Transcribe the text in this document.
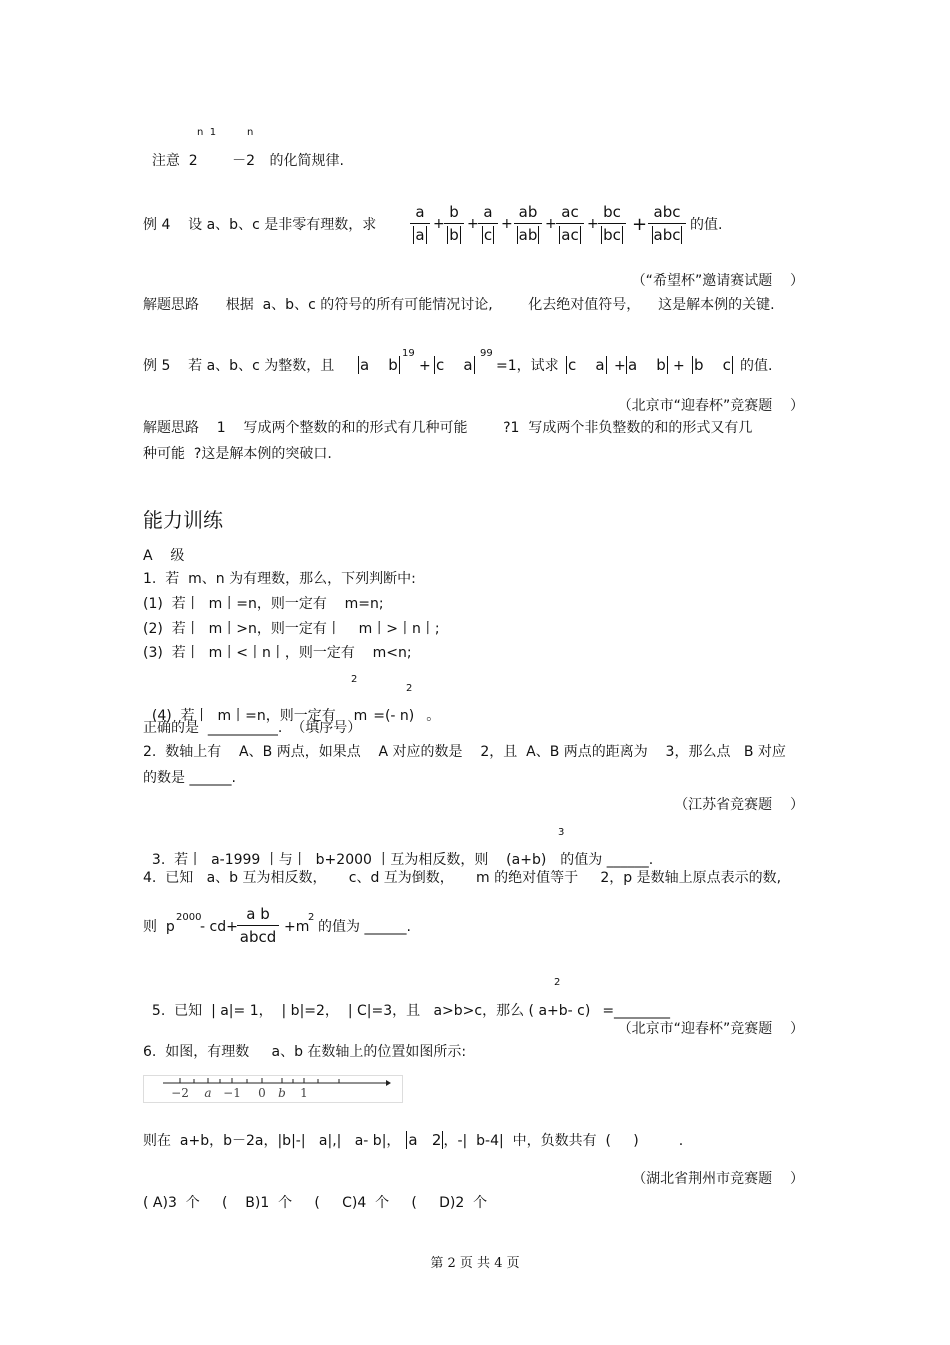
注意  2 －2 的化简规律.

n  1	n
例 4    设 a、b、c 是非零有理数，求
a
a
+
b
b
+
a
c
+
ab
ab
+
ac
ac
+
bc
bc +
abc
abc
的值.
（“希望杯”邀请赛试题    ）
解题思路      根据  a、b、c 的符号的所有可能情况讨论,        化去绝对值符号，    这是解本例的关键.
例 5    若 a、b、c 为整数，且 a    b
19
+ c    a
99
=1，试求 c    a + a    b + b    c 的值.
（北京市“迎春杯”竞赛题    ）
解题思路    1    写成两个整数的和的形式有几种可能        ?1  写成两个非负整数的和的形式又有几
种可能  ?这是解本例的突破口.
能力训练
A    级
1.  若  m、n 为有理数，那么，下列判断中:
(1)  若丨  m丨=n，则一定有    m=n;
(2)  若丨  m丨>n，则一定有丨    m丨>丨n丨;
(3)  若丨  m丨<丨n丨，则一定有    m<n;

(4)  若丨  m丨=n，则一定有    m =(- n) 。

2
2
正确的是  __________.  （填序号）
2.  数轴上有    A、B 两点，如果点    A 对应的数是    2，且  A、B 两点的距离为    3，那么点   B 对应
的数是 ______.
（江苏省竞赛题    ）

3.  若丨  a-1999 丨与丨  b+2000 丨互为相反数，则    (a+b) 的值为 ______.

3
4.  已知   a、b 互为相反数，     c、d 互为倒数，     m 的绝对值等于     2，p 是数轴上原点表示的数,
则  p
2000
- cd+
a b
abcd
+m
2
的值为 ______.

5.  已知  | a|= 1，  | b|=2，  | C|=3，且   a>b>c，那么 ( a+b- c) =________

2
（北京市“迎春杯”竞赛题    ）
6.  如图，有理数     a、b 在数轴上的位置如图所示:
−2 a −1 0 b 1
则在  a+b，b－2a，|b|-|   a|,|   a- b|， a   2 ，-|  b-4|  中，负数共有  (     )         .
（湖北省荆州市竞赛题    ）
( A)3  个     (    B)1  个     (     C)4  个     (     D)2  个
第 2 页 共 4 页
